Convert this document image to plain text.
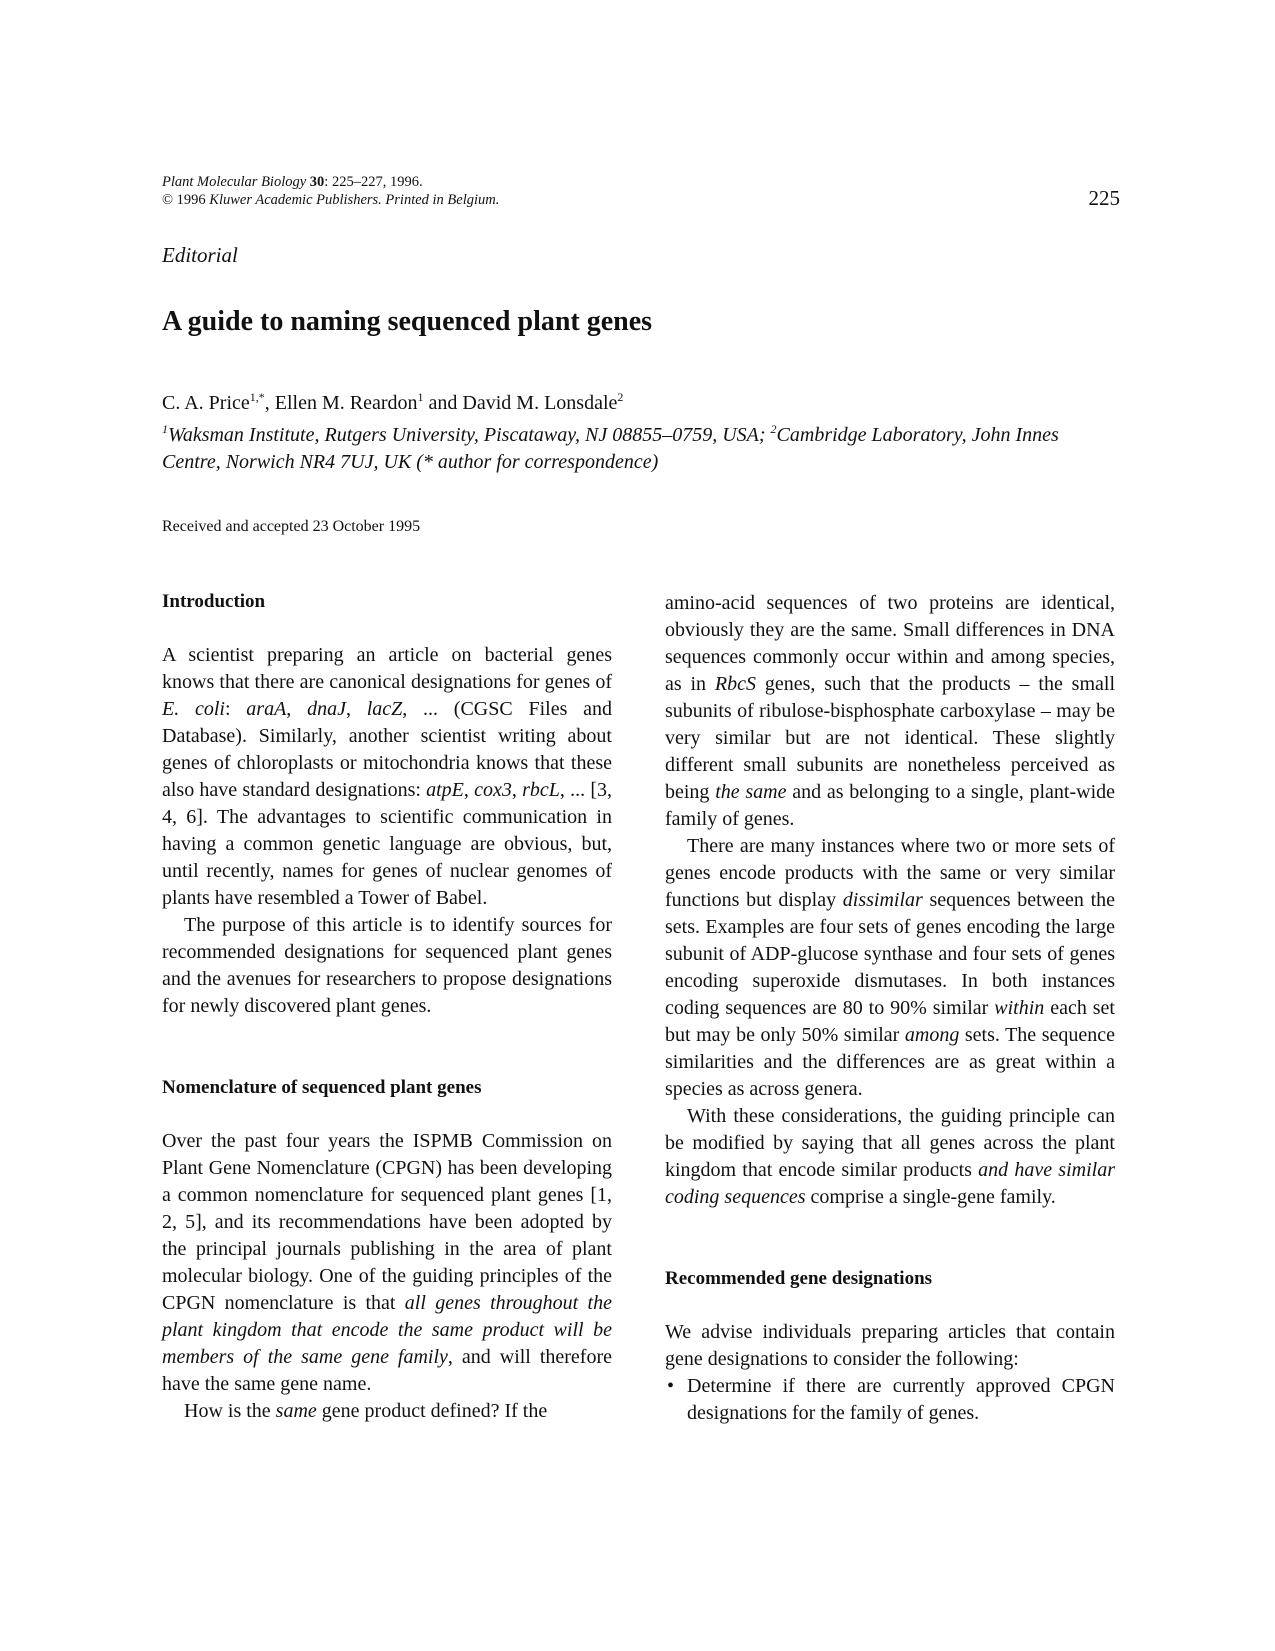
Plant Molecular Biology 30: 225–227, 1996.
© 1996 Kluwer Academic Publishers. Printed in Belgium.	225
Editorial
A guide to naming sequenced plant genes
C. A. Price$^{1,*}$, Ellen M. Reardon$^1$ and David M. Lonsdale$^2$
$^1$Waksman Institute, Rutgers University, Piscataway, NJ 08855–0759, USA; $^2$Cambridge Laboratory, John Innes Centre, Norwich NR4 7UJ, UK (* author for correspondence)
Received and accepted 23 October 1995
Introduction

A scientist preparing an article on bacterial genes knows that there are canonical designations for genes of E. coli: araA, dnaJ, lacZ, ... (CGSC Files and Database). Similarly, another scientist writing about genes of chloroplasts or mitochondria knows that these also have standard designations: atpE, cox3, rbcL, ... [3, 4, 6]. The advantages to scientific communication in having a common genetic language are obvious, but, until recently, names for genes of nuclear genomes of plants have resembled a Tower of Babel.

The purpose of this article is to identify sources for recommended designations for sequenced plant genes and the avenues for researchers to propose designations for newly discovered plant genes.

Nomenclature of sequenced plant genes

Over the past four years the ISPMB Commission on Plant Gene Nomenclature (CPGN) has been developing a common nomenclature for sequenced plant genes [1, 2, 5], and its recommendations have been adopted by the principal journals publishing in the area of plant molecular biology. One of the guiding principles of the CPGN nomenclature is that all genes throughout the plant kingdom that encode the same product will be members of the same gene family, and will therefore have the same gene name.

How is the same gene product defined? If the

amino-acid sequences of two proteins are identical, obviously they are the same. Small differences in DNA sequences commonly occur within and among species, as in RbcS genes, such that the products – the small subunits of ribulose-bisphosphate carboxylase – may be very similar but are not identical. These slightly different small subunits are nonetheless perceived as being the same and as belonging to a single, plant-wide family of genes.

There are many instances where two or more sets of genes encode products with the same or very similar functions but display dissimilar sequences between the sets. Examples are four sets of genes encoding the large subunit of ADP-glucose synthase and four sets of genes encoding superoxide dismutases. In both instances coding sequences are 80 to 90% similar within each set but may be only 50% similar among sets. The sequence similarities and the differences are as great within a species as across genera.

With these considerations, the guiding principle can be modified by saying that all genes across the plant kingdom that encode similar products and have similar coding sequences comprise a single-gene family.

Recommended gene designations

We advise individuals preparing articles that contain gene designations to consider the following:

• Determine if there are currently approved CPGN designations for the family of genes.
